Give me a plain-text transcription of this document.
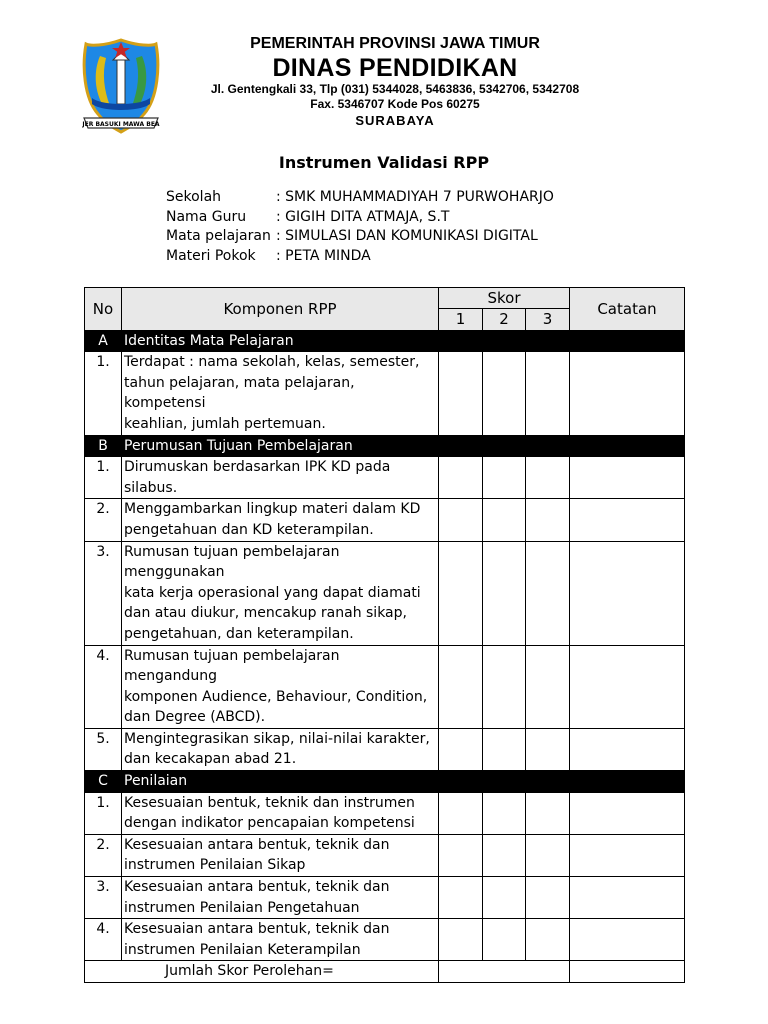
JER BASUKI MAWA BEA
PEMERINTAH PROVINSI JAWA TIMUR
DINAS PENDIDIKAN
Jl. Gentengkali 33, Tlp (031) 5344028, 5463836, 5342706, 5342708
Fax. 5346707 Kode Pos 60275
SURABAYA
Instrumen Validasi RPP
Sekolah	: SMK MUHAMMADIYAH 7 PURWOHARJO
Nama Guru	: GIGIH DITA ATMAJA, S.T
Mata pelajaran : SIMULASI DAN KOMUNIKASI DIGITAL
Materi Pokok	: PETA MINDA
No	Komponen RPP	Skor			Catatan
		1	2	3	
A	Identitas Mata Pelajaran				
1.	Terdapat : nama sekolah, kelas, semester,
tahun pelajaran, mata pelajaran, kompetensi
keahlian, jumlah pertemuan.				

B	Perumusan Tujuan Pembelajaran				
1.	Dirumuskan berdasarkan IPK KD pada
silabus.				

2.	Menggambarkan lingkup materi dalam KD
pengetahuan dan KD keterampilan.				

3.	Rumusan tujuan pembelajaran menggunakan
kata kerja operasional yang dapat diamati
dan atau diukur, mencakup ranah sikap,
pengetahuan, dan keterampilan.				

4.	Rumusan tujuan pembelajaran mengandung
komponen Audience, Behaviour, Condition,
dan Degree (ABCD).				

5.	Mengintegrasikan sikap, nilai-nilai karakter,
dan kecakapan abad 21.				

C	Penilaian				
1.	Kesesuaian bentuk, teknik dan instrumen
dengan indikator pencapaian kompetensi				

2.	Kesesuaian antara bentuk, teknik dan
instrumen Penilaian Sikap				

3.	Kesesuaian antara bentuk, teknik dan
instrumen Penilaian Pengetahuan				

4.	Kesesuaian antara bentuk, teknik dan
instrumen Penilaian Keterampilan				

Jumlah Skor Perolehan=					
